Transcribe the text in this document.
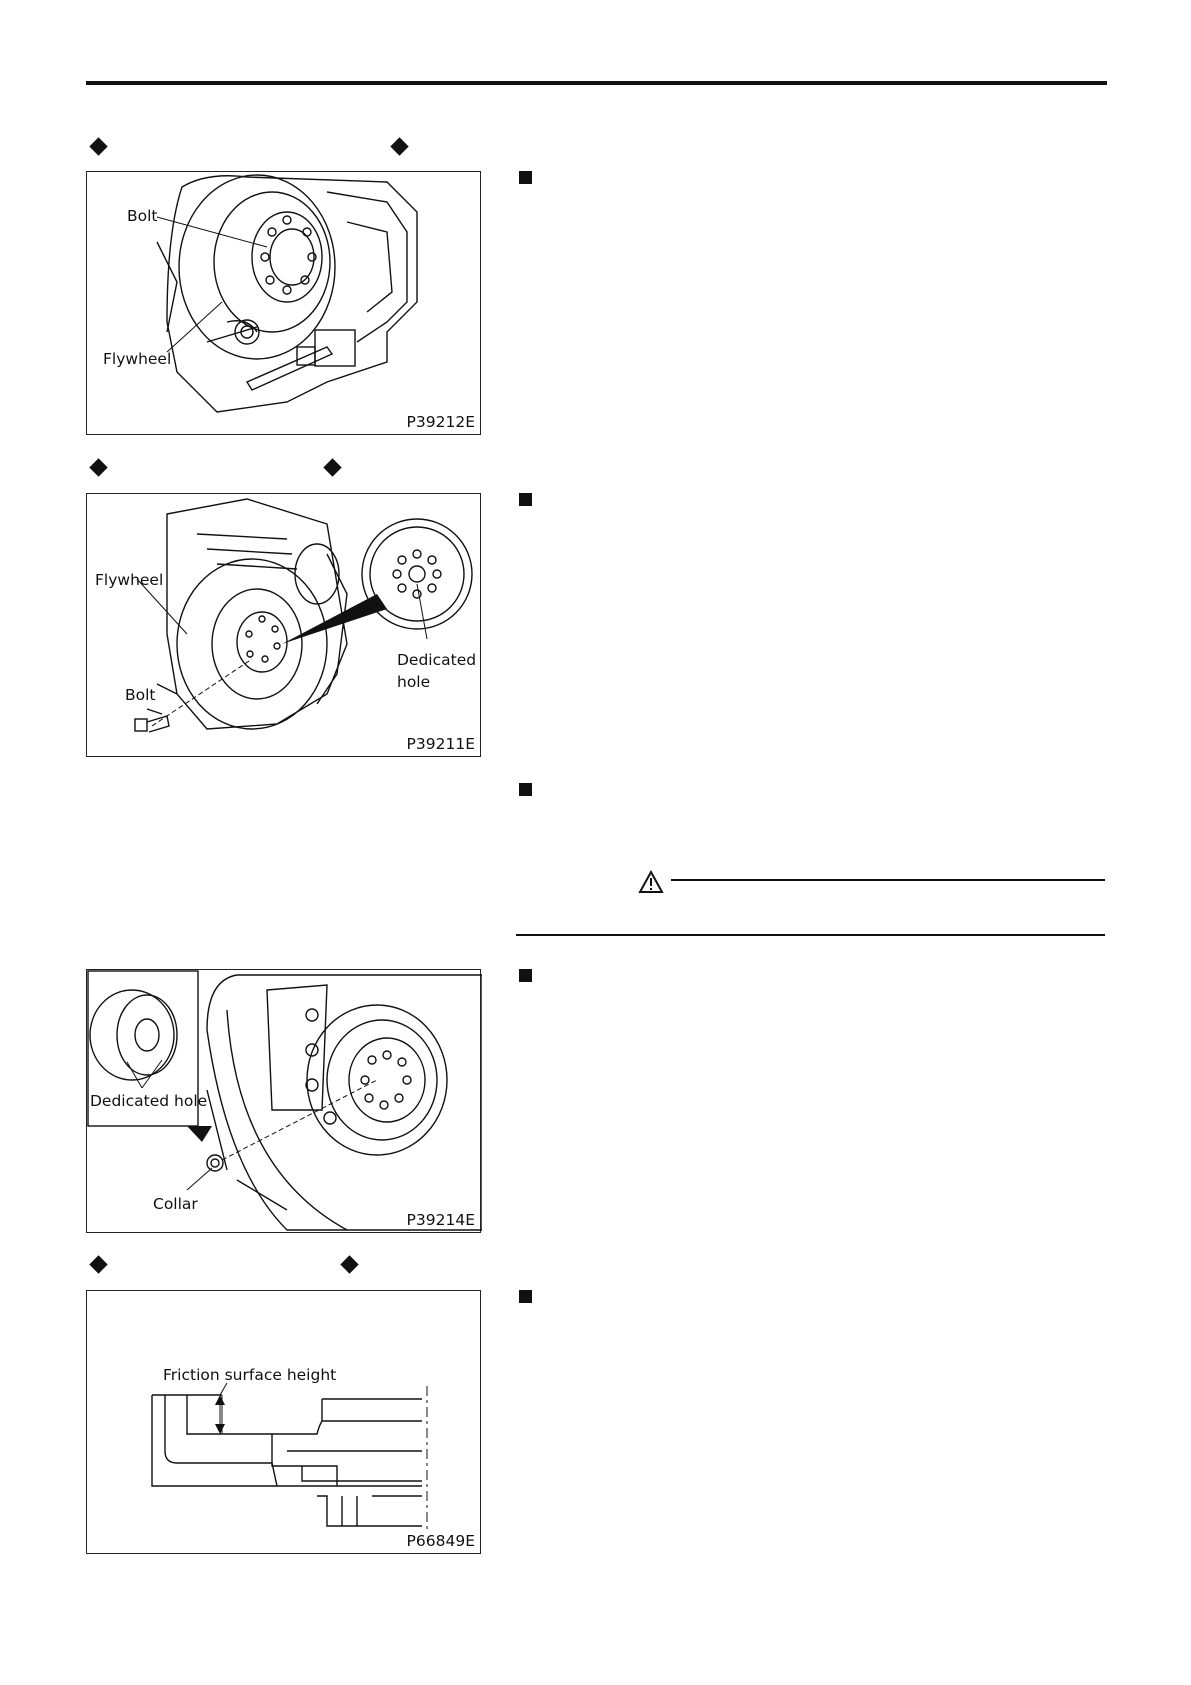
Bolt
Flywheel
P39212E
Flywheel
Bolt
Dedicated
hole
P39211E
Dedicated hole
Collar
P39214E
Friction surface height
P66849E
